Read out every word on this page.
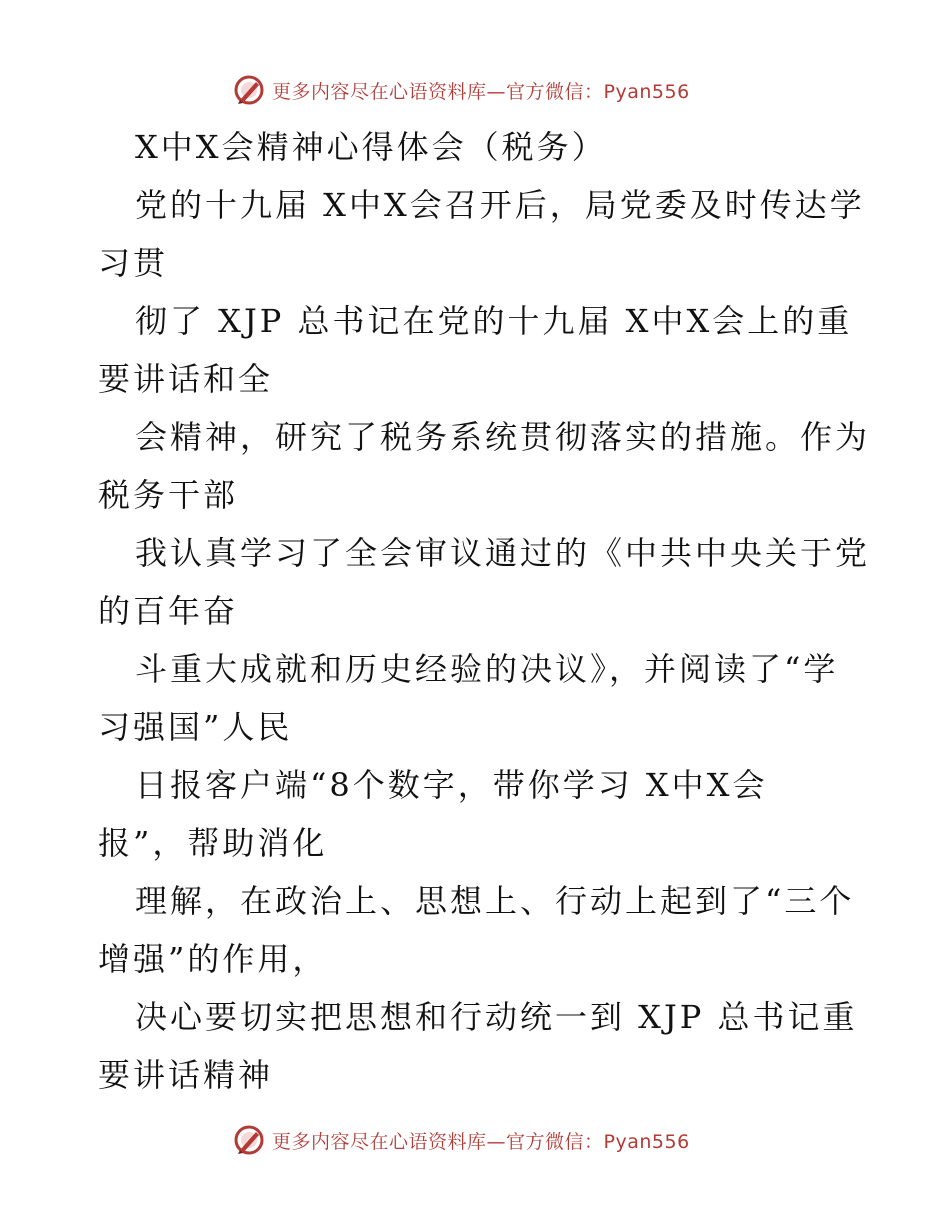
更多内容尽在心语资料库—官方微信：Pyan556
X中X会精神心得体会（税务）
党的十九届 X中X会召开后，局党委及时传达学
习贯
彻了 XJP 总书记在党的十九届 X中X会上的重
要讲话和全
会精神，研究了税务系统贯彻落实的措施。作为
税务干部
我认真学习了全会审议通过的《中共中央关于党
的百年奋
斗重大成就和历史经验的决议》，并阅读了“学
习强国”人民
日报客户端“8个数字，带你学习 X中X会
报”，帮助消化
理解，在政治上、思想上、行动上起到了“三个
增强”的作用，
决心要切实把思想和行动统一到 XJP 总书记重
要讲话精神
更多内容尽在心语资料库—官方微信：Pyan556
